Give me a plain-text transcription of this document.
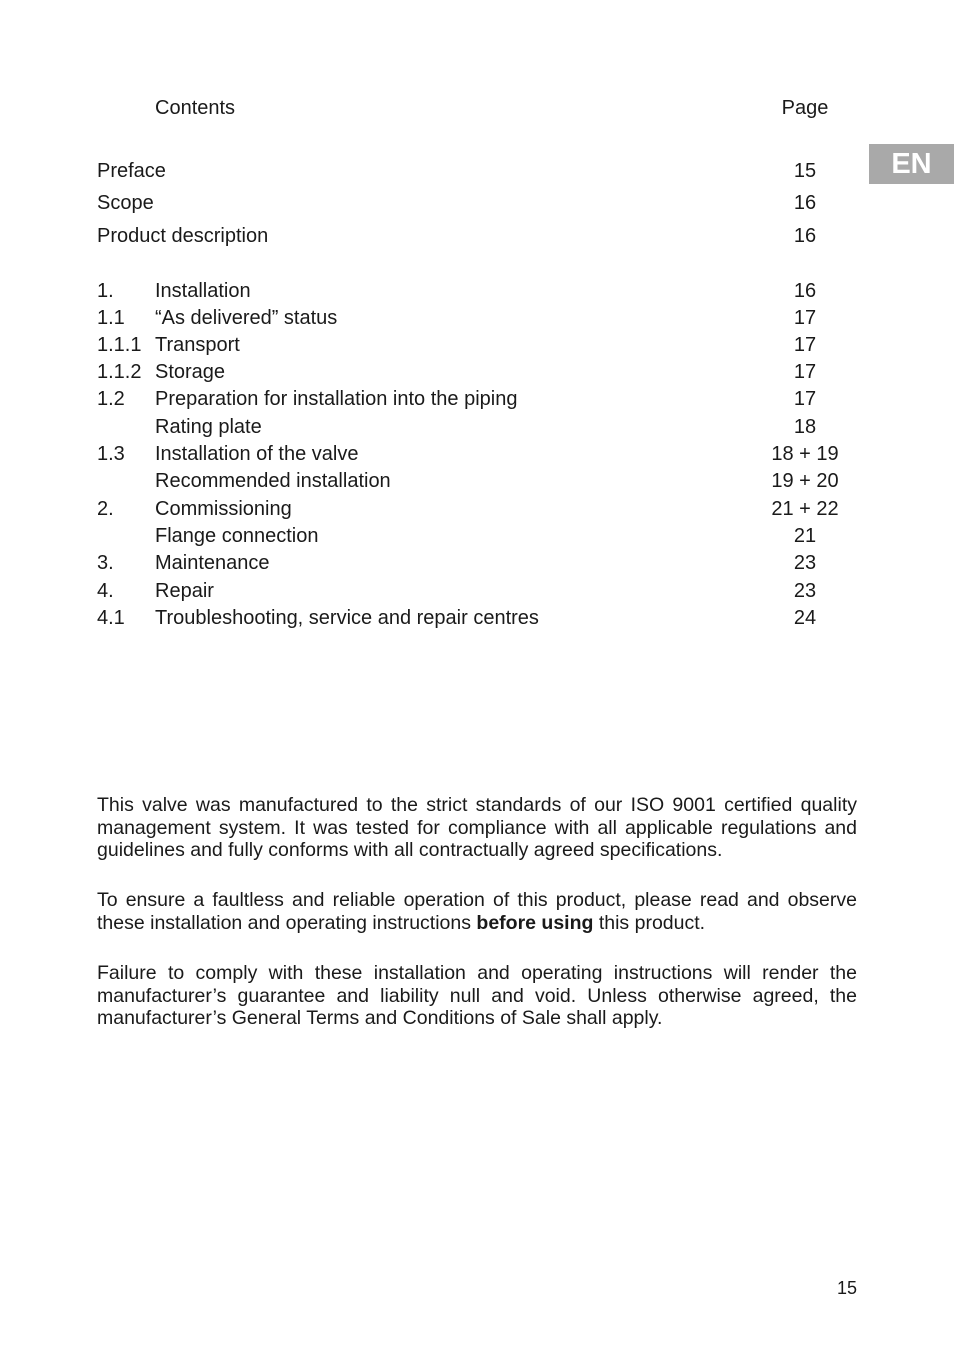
Contents	Page
EN
Preface	15
Scope	16
Product description	16
1. Installation	16
1.1 “As delivered” status	17
1.1.1 Transport	17
1.1.2 Storage	17
1.2 Preparation for installation into the piping	17
Rating plate	18
1.3 Installation of the valve	18 + 19
Recommended installation	19 + 20
2. Commissioning	21 + 22
Flange connection	21
3. Maintenance	23
4. Repair	23
4.1 Troubleshooting, service and repair centres	24

This valve was manufactured to the strict standards of our ISO 9001 certified quality management system. It was tested for compliance with all applicable regulations and guidelines and fully conforms with all contractually agreed specifications.

To ensure a faultless and reliable operation of this product, please read and observe these installation and operating instructions before using this product.

Failure to comply with these installation and operating instructions will render the manufacturer’s guarantee and liability null and void. Unless otherwise agreed, the manufacturer’s General Terms and Conditions of Sale shall apply.

15
